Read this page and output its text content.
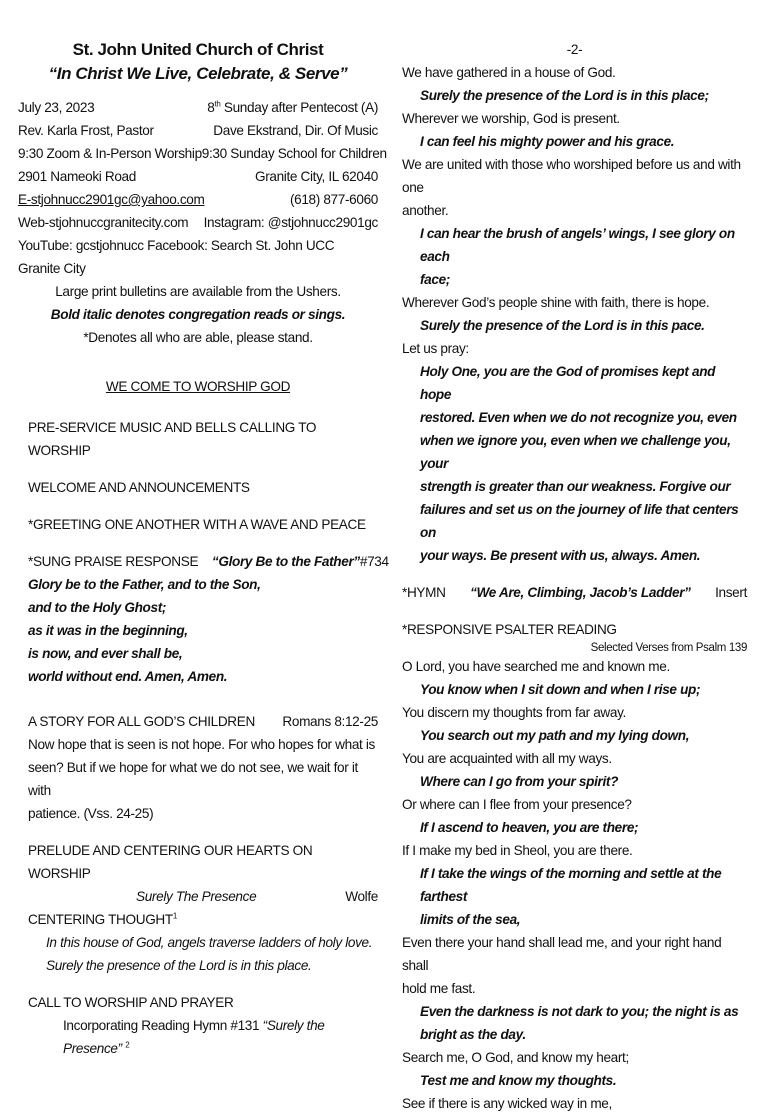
St. John United Church of Christ
“In Christ We Live, Celebrate, & Serve”
July 23, 2023	8th Sunday after Pentecost (A)
Rev. Karla Frost, Pastor	Dave Ekstrand, Dir. Of Music
9:30 Zoom & In-Person Worship 9:30 Sunday School for Children
2901 Nameoki Road	Granite City, IL 62040
E-stjohnucc2901gc@yahoo.com	(618) 877-6060
Web-stjohnuccgranitecity.com Instagram: @stjohnucc2901gc
YouTube: gcstjohnucc Facebook: Search St. John UCC Granite City
Large print bulletins are available from the Ushers.
Bold italic denotes congregation reads or sings.
*Denotes all who are able, please stand.
WE COME TO WORSHIP GOD
PRE-SERVICE MUSIC AND BELLS CALLING TO WORSHIP
WELCOME AND ANNOUNCEMENTS
*GREETING ONE ANOTHER WITH A WAVE AND PEACE
*SUNG PRAISE RESPONSE “Glory Be to the Father” #734
Glory be to the Father, and to the Son,
and to the Holy Ghost;
as it was in the beginning,
is now, and ever shall be,
world without end. Amen, Amen.
A STORY FOR ALL GOD’S CHILDREN Romans 8:12-25
Now hope that is seen is not hope. For who hopes for what is
seen? But if we hope for what we do not see, we wait for it with
patience. (Vss. 24-25)
PRELUDE AND CENTERING OUR HEARTS ON WORSHIP
Surely The Presence	Wolfe
CENTERING THOUGHT$^1$
In this house of God, angels traverse ladders of holy love.
Surely the presence of the Lord is in this place.
CALL TO WORSHIP AND PRAYER
Incorporating Reading Hymn #131 “Surely the Presence” $^2$
-2-
We have gathered in a house of God.
Surely the presence of the Lord is in this place;
Wherever we worship, God is present.
I can feel his mighty power and his grace.
We are united with those who worshiped before us and with one
another.
I can hear the brush of angels’ wings, I see glory on each
face;
Wherever God’s people shine with faith, there is hope.
Surely the presence of the Lord is in this pace.
Let us pray:
Holy One, you are the God of promises kept and hope
restored. Even when we do not recognize you, even
when we ignore you, even when we challenge you, your
strength is greater than our weakness. Forgive our
failures and set us on the journey of life that centers on
your ways. Be present with us, always. Amen.
*HYMN “We Are, Climbing, Jacob’s Ladder” Insert
*RESPONSIVE PSALTER READING
Selected Verses from Psalm 139
O Lord, you have searched me and known me.
You know when I sit down and when I rise up;
You discern my thoughts from far away.
You search out my path and my lying down,
You are acquainted with all my ways.
Where can I go from your spirit?
Or where can I flee from your presence?
If I ascend to heaven, you are there;
If I make my bed in Sheol, you are there.
If I take the wings of the morning and settle at the farthest
limits of the sea,
Even there your hand shall lead me, and your right hand shall
hold me fast.
Even the darkness is not dark to you; the night is as
bright as the day.
Search me, O God, and know my heart;
Test me and know my thoughts.
See if there is any wicked way in me,
